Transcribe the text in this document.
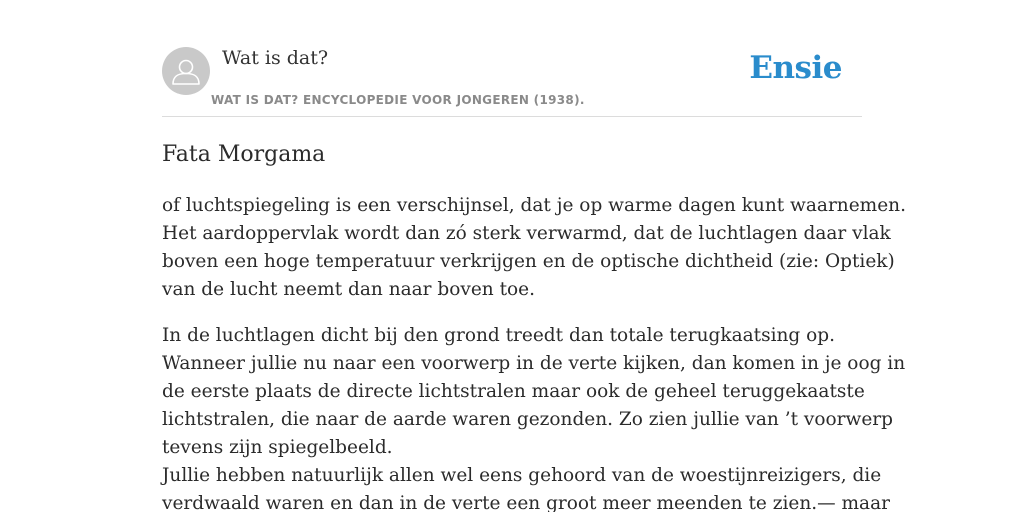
Wat is dat?
WAT IS DAT? ENCYCLOPEDIE VOOR JONGEREN (1938).
Ensie
Fata Morgama

of luchtspiegeling is een verschijnsel, dat je op warme dagen kunt waarnemen.
Het aardoppervlak wordt dan zó sterk verwarmd, dat de luchtlagen daar vlak
boven een hoge temperatuur verkrijgen en de optische dichtheid (zie: Optiek)
van de lucht neemt dan naar boven toe.

In de luchtlagen dicht bij den grond treedt dan totale terugkaatsing op.
Wanneer jullie nu naar een voorwerp in de verte kijken, dan komen in je oog in
de eerste plaats de directe lichtstralen maar ook de geheel teruggekaatste
lichtstralen, die naar de aarde waren gezonden. Zo zien jullie van ’t voorwerp
tevens zijn spiegelbeeld.
Jullie hebben natuurlijk allen wel eens gehoord van de woestijnreizigers, die
verdwaald waren en dan in de verte een groot meer meenden te zien.— maar
